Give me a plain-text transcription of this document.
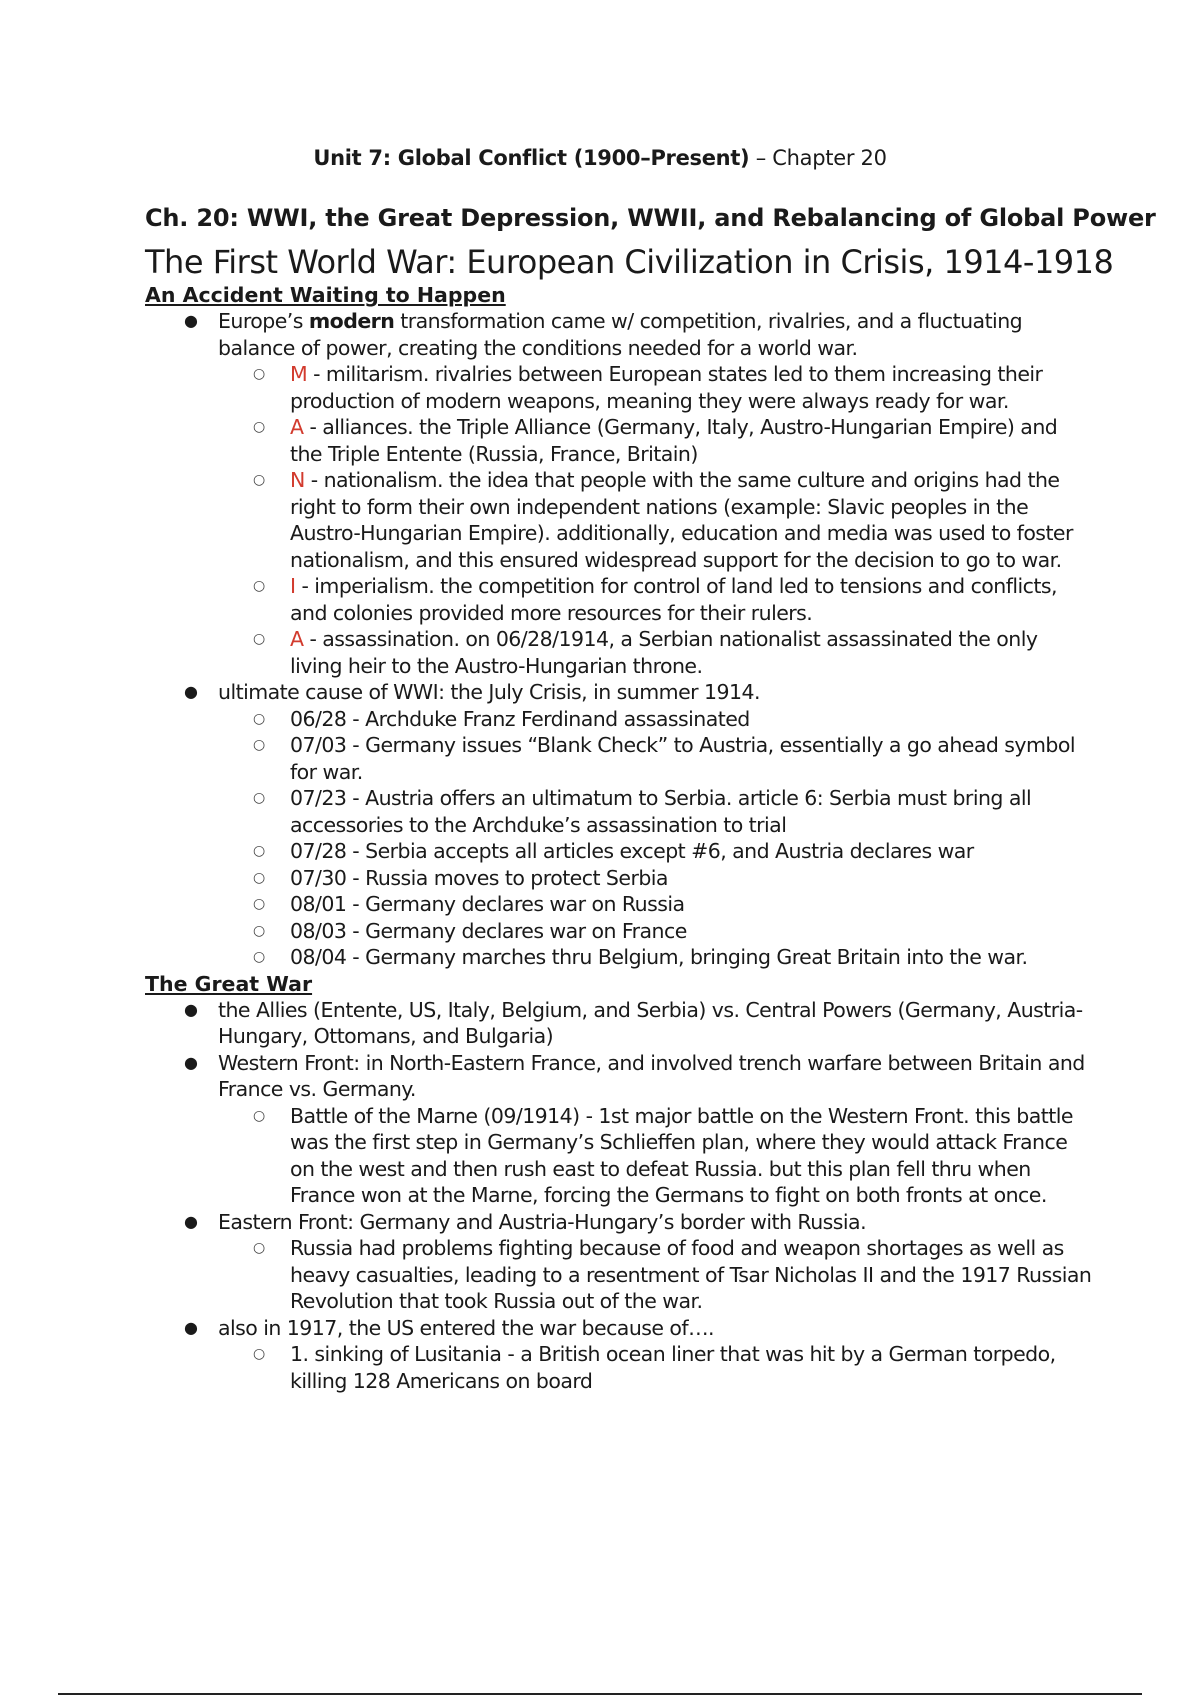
Unit 7: Global Conflict (1900–Present) – Chapter 20
Ch. 20: WWI, the Great Depression, WWII, and Rebalancing of Global Power
The First World War: European Civilization in Crisis, 1914-1918
An Accident Waiting to Happen
● Europe’s modern transformation came w/ competition, rivalries, and a fluctuating balance of power, creating the conditions needed for a world war.
○ M - militarism. rivalries between European states led to them increasing their production of modern weapons, meaning they were always ready for war.
○ A - alliances. the Triple Alliance (Germany, Italy, Austro-Hungarian Empire) and the Triple Entente (Russia, France, Britain)
○ N - nationalism. the idea that people with the same culture and origins had the right to form their own independent nations (example: Slavic peoples in the Austro-Hungarian Empire). additionally, education and media was used to foster nationalism, and this ensured widespread support for the decision to go to war.
○ I - imperialism. the competition for control of land led to tensions and conflicts, and colonies provided more resources for their rulers.
○ A - assassination. on 06/28/1914, a Serbian nationalist assassinated the only living heir to the Austro-Hungarian throne.
● ultimate cause of WWI: the July Crisis, in summer 1914.
○ 06/28 - Archduke Franz Ferdinand assassinated
○ 07/03 - Germany issues “Blank Check” to Austria, essentially a go ahead symbol for war.
○ 07/23 - Austria offers an ultimatum to Serbia. article 6: Serbia must bring all accessories to the Archduke’s assassination to trial
○ 07/28 - Serbia accepts all articles except #6, and Austria declares war
○ 07/30 - Russia moves to protect Serbia
○ 08/01 - Germany declares war on Russia
○ 08/03 - Germany declares war on France
○ 08/04 - Germany marches thru Belgium, bringing Great Britain into the war.
The Great War
● the Allies (Entente, US, Italy, Belgium, and Serbia) vs. Central Powers (Germany, Austria-Hungary, Ottomans, and Bulgaria)
● Western Front: in North-Eastern France, and involved trench warfare between Britain and France vs. Germany.
○ Battle of the Marne (09/1914) - 1st major battle on the Western Front. this battle was the first step in Germany’s Schlieffen plan, where they would attack France on the west and then rush east to defeat Russia. but this plan fell thru when France won at the Marne, forcing the Germans to fight on both fronts at once.
● Eastern Front: Germany and Austria-Hungary’s border with Russia.
○ Russia had problems fighting because of food and weapon shortages as well as heavy casualties, leading to a resentment of Tsar Nicholas II and the 1917 Russian Revolution that took Russia out of the war.
● also in 1917, the US entered the war because of….
○ 1. sinking of Lusitania - a British ocean liner that was hit by a German torpedo, killing 128 Americans on board
